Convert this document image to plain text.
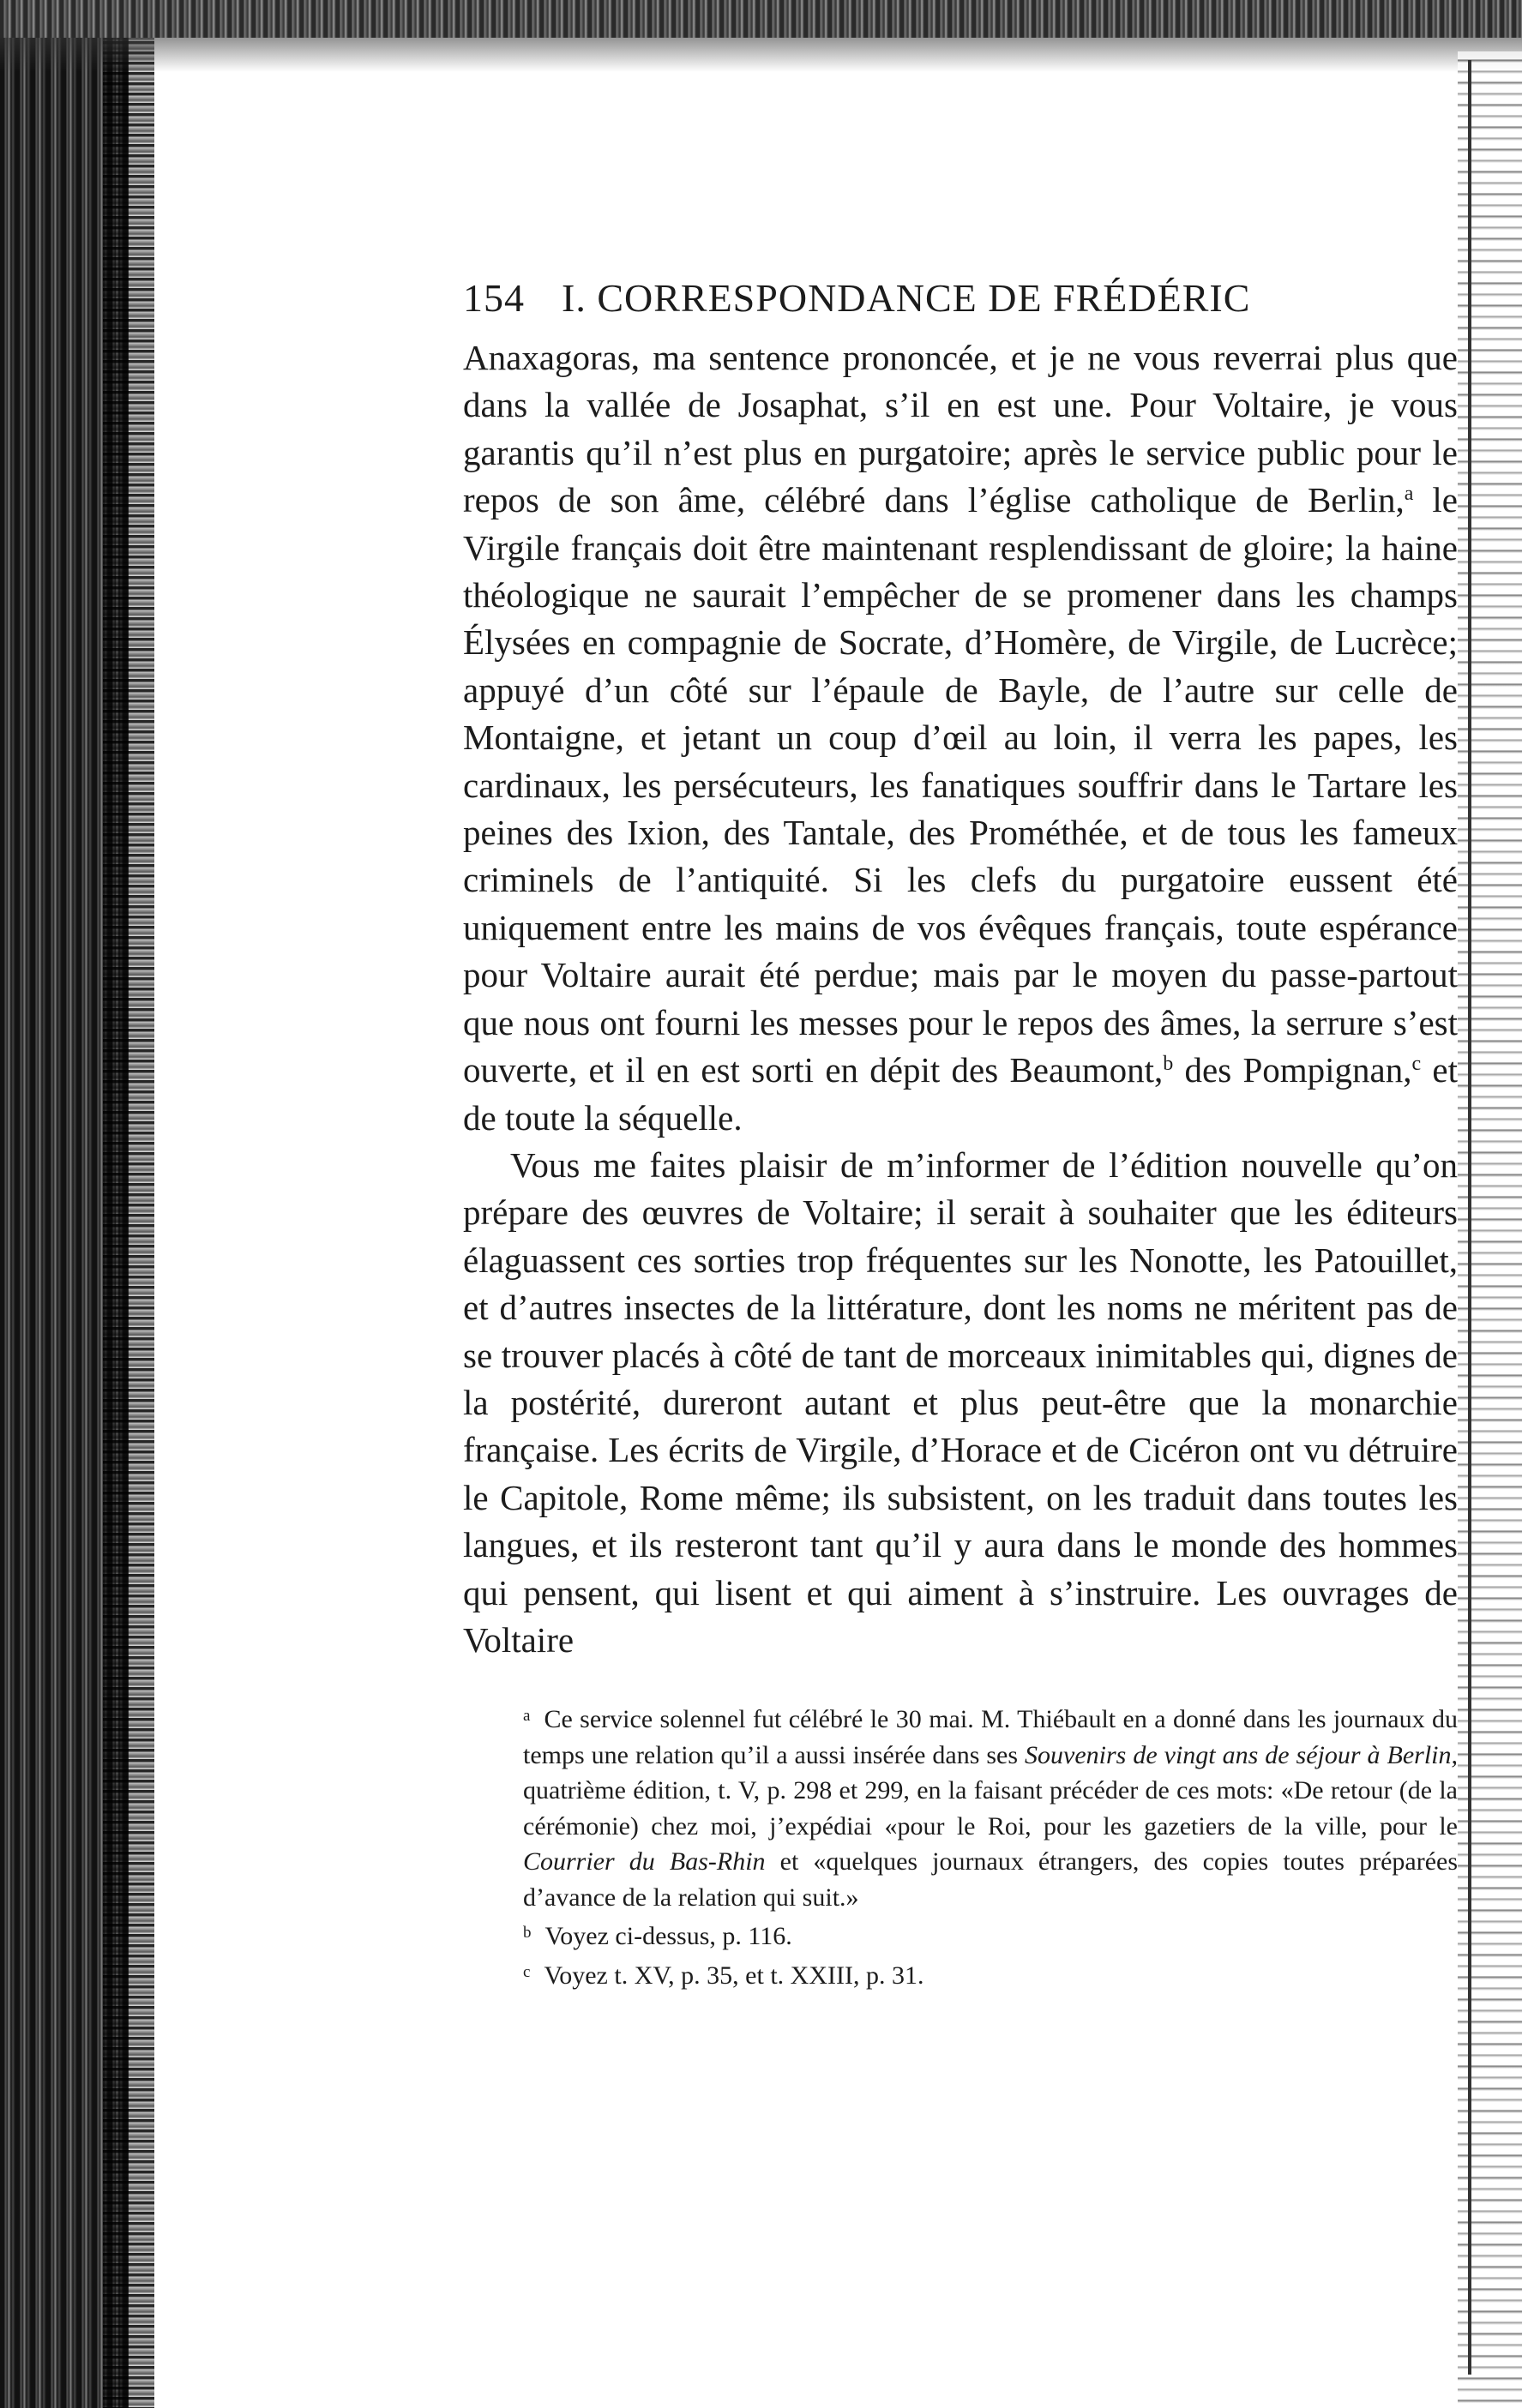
154 I. CORRESPONDANCE DE FRÉDÉRIC

Anaxagoras, ma sentence prononcée, et je ne vous reverrai plus que dans la vallée de Josaphat, s’il en est une. Pour Voltaire, je vous garantis qu’il n’est plus en purgatoire; après le service public pour le repos de son âme, célébré dans l’église catholique de Berlin,$^a$ le Virgile français doit être maintenant resplendissant de gloire; la haine théologique ne saurait l’empêcher de se promener dans les champs Élysées en compagnie de Socrate, d’Homère, de Virgile, de Lucrèce; appuyé d’un côté sur l’épaule de Bayle, de l’autre sur celle de Montaigne, et jetant un coup d’œil au loin, il verra les papes, les cardinaux, les persécuteurs, les fanatiques souffrir dans le Tartare les peines des Ixion, des Tantale, des Prométhée, et de tous les fameux criminels de l’antiquité. Si les clefs du purgatoire eussent été uniquement entre les mains de vos évêques français, toute espérance pour Voltaire aurait été perdue; mais par le moyen du passe-partout que nous ont fourni les messes pour le repos des âmes, la serrure s’est ouverte, et il en est sorti en dépit des Beaumont,$^b$ des Pompignan,$^c$ et de toute la séquelle.

Vous me faites plaisir de m’informer de l’édition nouvelle qu’on prépare des œuvres de Voltaire; il serait à souhaiter que les éditeurs élaguassent ces sorties trop fréquentes sur les Nonotte, les Patouillet, et d’autres insectes de la littérature, dont les noms ne méritent pas de se trouver placés à côté de tant de morceaux inimitables qui, dignes de la postérité, dureront autant et plus peut-être que la monarchie française. Les écrits de Virgile, d’Horace et de Cicéron ont vu détruire le Capitole, Rome même; ils subsistent, on les traduit dans toutes les langues, et ils resteront tant qu’il y aura dans le monde des hommes qui pensent, qui lisent et qui aiment à s’instruire. Les ouvrages de Voltaire

$^a$ Ce service solennel fut célébré le 30 mai. M. Thiébault en a donné dans les journaux du temps une relation qu’il a aussi insérée dans ses Souvenirs de vingt ans de séjour à Berlin, quatrième édition, t. V, p. 298 et 299, en la faisant précéder de ces mots: «De retour (de la cérémonie) chez moi, j’expédiai «pour le Roi, pour les gazetiers de la ville, pour le Courrier du Bas-Rhin et «quelques journaux étrangers, des copies toutes préparées d’avance de la relation qui suit.»

$^b$ Voyez ci-dessus, p. 116.

$^c$ Voyez t. XV, p. 35, et t. XXIII, p. 31.
